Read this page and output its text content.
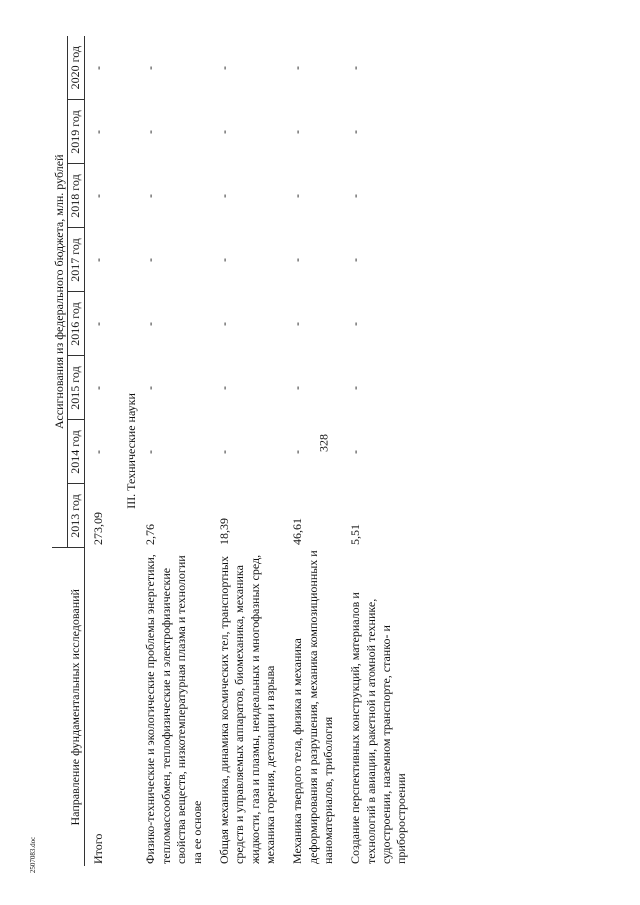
328
Направление фундаментальных исследований	Ассигнования из федерального бюджета, млн. рублей							
	2013 год	2014 год	2015 год	2016 год	2017 год	2018 год	2019 год	2020 год
Итого	273,09	-	-	-	-	-	-	-
III. Технические науки								
Физико-технические и экологические проблемы энергетики, тепломассообмен, теплофизические и электрофизические свойства веществ, низкотемпературная плазма и технологии на ее основе	2,76	-	-	-	-	-	-	-
Общая механика, динамика космических тел, транспортных средств и управляемых аппаратов, биомеханика, механика жидкости, газа и плазмы, неидеальных и многофазных сред, механика горения, детонации и взрыва	18,39	-	-	-	-	-	-	-
Механика твердого тела, физика и механика деформирования и разрушения, механика композиционных и наноматериалов, трибология	46,61	-	-	-	-	-	-	-
Создание перспективных конструкций, материалов и технологий в авиации, ракетной и атомной технике, судостроении, наземном транспорте, станко- и приборостроении	5,51	-	-	-	-	-	-	-
2507083.doc
